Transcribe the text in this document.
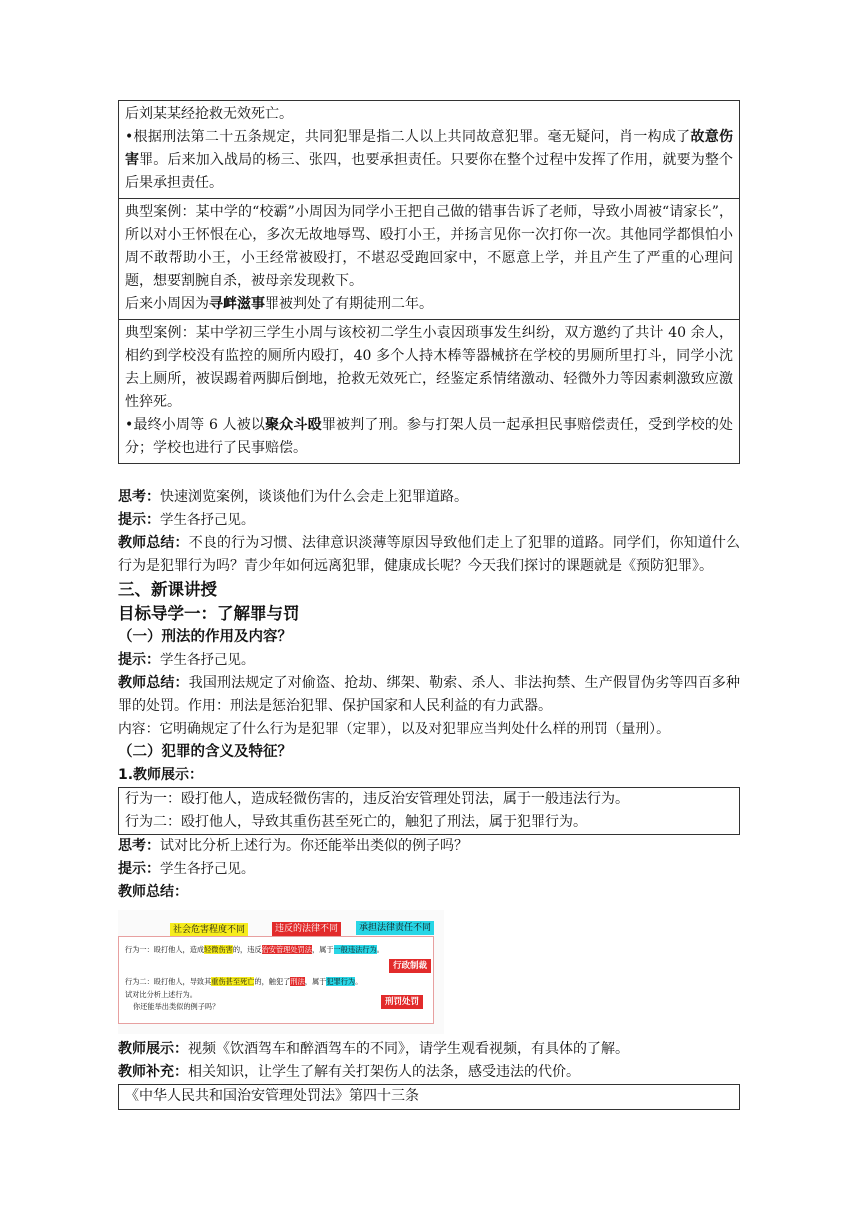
后刘某某经抢救无效死亡。
•根据刑法第二十五条规定，共同犯罪是指二人以上共同故意犯罪。毫无疑问，肖一构成了故意伤害罪。后来加入战局的杨三、张四，也要承担责任。只要你在整个过程中发挥了作用，就要为整个后果承担责任。
典型案例：某中学的“校霸”小周因为同学小王把自己做的错事告诉了老师，导致小周被“请家长”，所以对小王怀恨在心，多次无故地辱骂、殴打小王，并扬言见你一次打你一次。其他同学都惧怕小周不敢帮助小王，小王经常被殴打，不堪忍受跑回家中，不愿意上学，并且产生了严重的心理问题，想要割腕自杀，被母亲发现救下。
后来小周因为寻衅滋事罪被判处了有期徒刑二年。
典型案例：某中学初三学生小周与该校初二学生小袁因琐事发生纠纷，双方邀约了共计 40 余人，相约到学校没有监控的厕所内殴打，40 多个人持木棒等器械挤在学校的男厕所里打斗，同学小沈去上厕所，被误踢着两脚后倒地，抢救无效死亡，经鉴定系情绪激动、轻微外力等因素刺激致应激性猝死。
•最终小周等 6 人被以聚众斗殴罪被判了刑。参与打架人员一起承担民事赔偿责任，受到学校的处分；学校也进行了民事赔偿。

思考：快速浏览案例，谈谈他们为什么会走上犯罪道路。

提示：学生各抒己见。

教师总结：不良的行为习惯、法律意识淡薄等原因导致他们走上了犯罪的道路。同学们，你知道什么行为是犯罪行为吗？青少年如何远离犯罪，健康成长呢？今天我们探讨的课题就是《预防犯罪》。

三、新课讲授

目标导学一：了解罪与罚

（一）刑法的作用及内容？

提示：学生各抒己见。

教师总结：我国刑法规定了对偷盗、抢劫、绑架、勒索、杀人、非法拘禁、生产假冒伪劣等四百多种罪的处罚。作用：刑法是惩治犯罪、保护国家和人民利益的有力武器。

内容：它明确规定了什么行为是犯罪（定罪），以及对犯罪应当判处什么样的刑罚（量刑）。

（二）犯罪的含义及特征？

1.教师展示：

行为一：殴打他人，造成轻微伤害的，违反治安管理处罚法，属于一般违法行为。
行为二：殴打他人，导致其重伤甚至死亡的，触犯了刑法，属于犯罪行为。

思考：试对比分析上述行为。你还能举出类似的例子吗？

提示：学生各抒己见。

教师总结：

社会危害程度不同	违反的法律不同	承担法律责任不同
行为一：殴打他人，造成轻微伤害的，违反治安管理处罚法，属于一般违法行为。
行政制裁
行为二：殴打他人，导致其重伤甚至死亡的，触犯了刑法，属于犯罪行为。
试对比分析上述行为。
你还能举出类似的例子吗？	刑罚处罚

教师展示：视频《饮酒驾车和醉酒驾车的不同》，请学生观看视频，有具体的了解。

教师补充：相关知识，让学生了解有关打架伤人的法条，感受违法的代价。

《中华人民共和国治安管理处罚法》第四十三条
